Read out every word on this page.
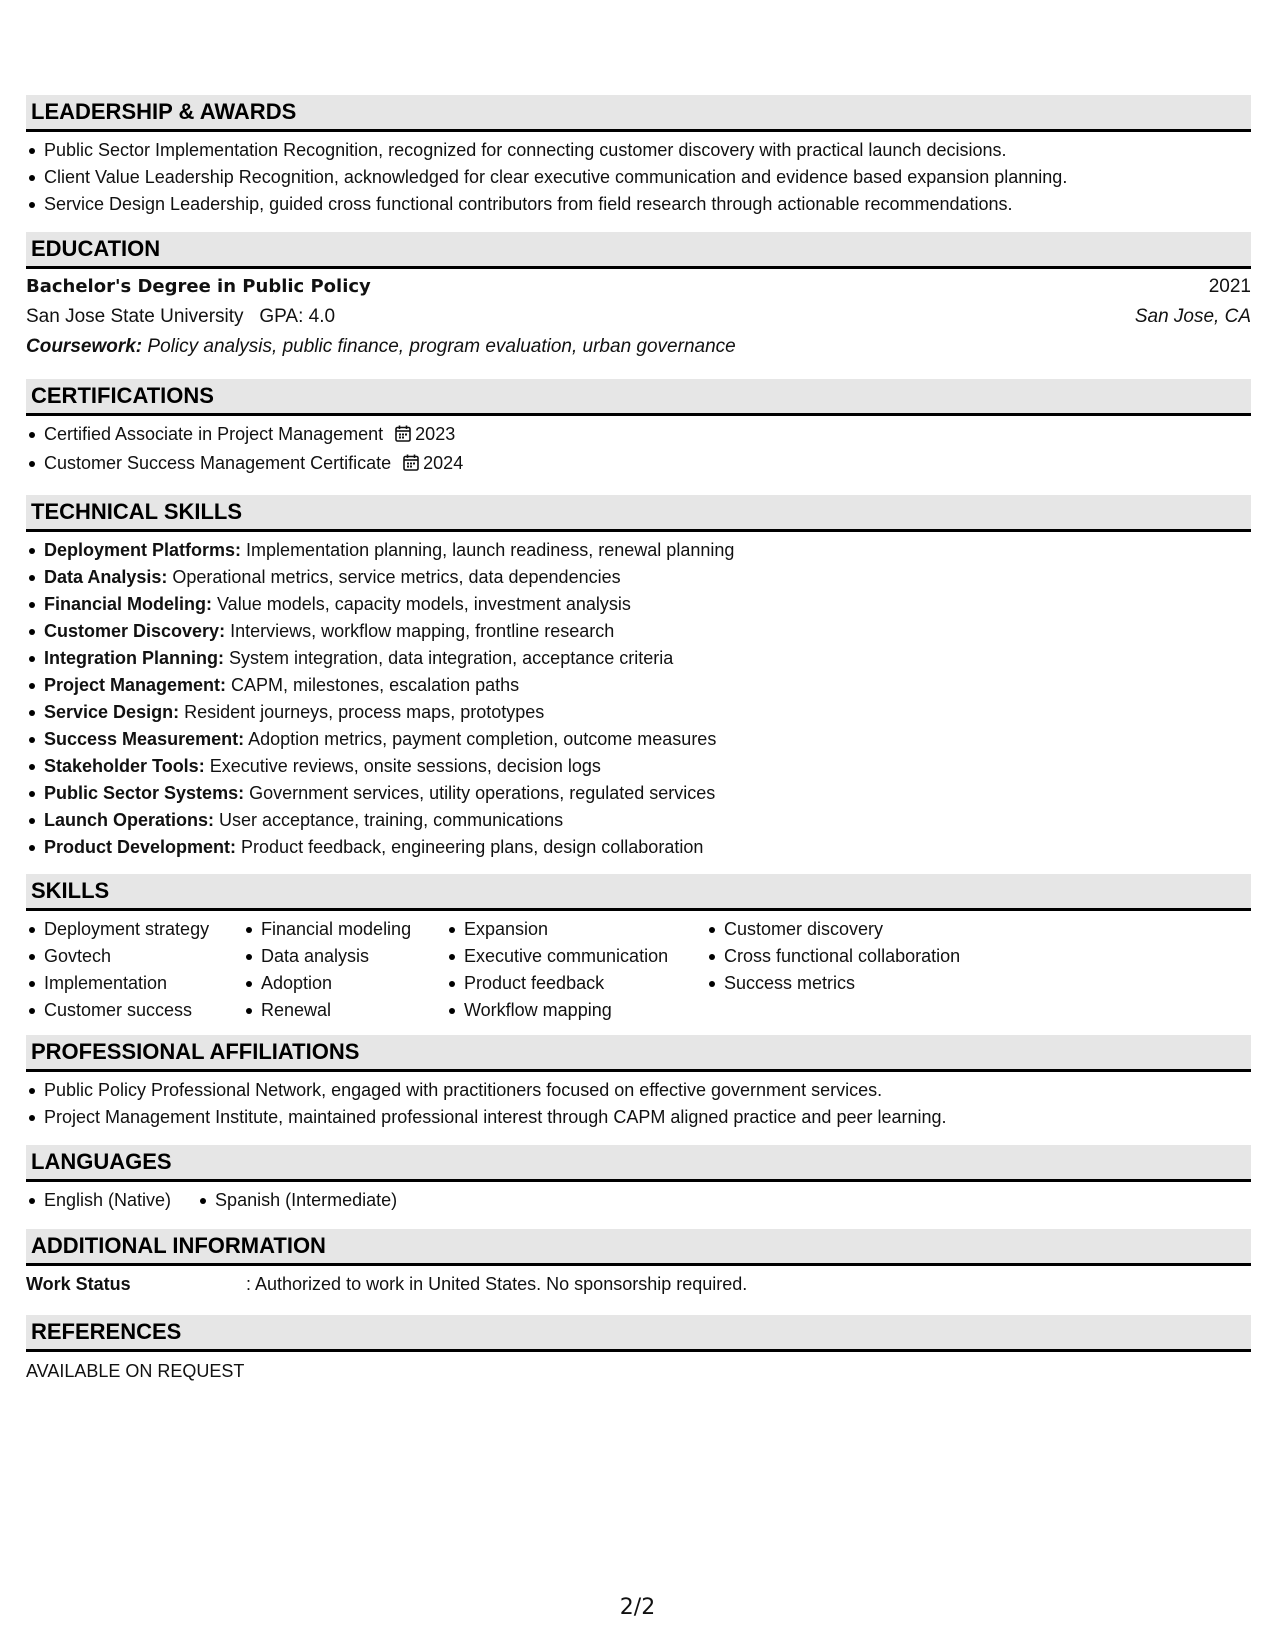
LEADERSHIP & AWARDS
Public Sector Implementation Recognition, recognized for connecting customer discovery with practical launch decisions.
Client Value Leadership Recognition, acknowledged for clear executive communication and evidence based expansion planning.
Service Design Leadership, guided cross functional contributors from field research through actionable recommendations.
EDUCATION
Bachelor's Degree in Public Policy	2021
San Jose State University   GPA: 4.0	San Jose, CA
Coursework: Policy analysis, public finance, program evaluation, urban governance
CERTIFICATIONS
Certified Associate in Project Management 2023
Customer Success Management Certificate 2024
TECHNICAL SKILLS
Deployment Platforms: Implementation planning, launch readiness, renewal planning
Data Analysis: Operational metrics, service metrics, data dependencies
Financial Modeling: Value models, capacity models, investment analysis
Customer Discovery: Interviews, workflow mapping, frontline research
Integration Planning: System integration, data integration, acceptance criteria
Project Management: CAPM, milestones, escalation paths
Service Design: Resident journeys, process maps, prototypes
Success Measurement: Adoption metrics, payment completion, outcome measures
Stakeholder Tools: Executive reviews, onsite sessions, decision logs
Public Sector Systems: Government services, utility operations, regulated services
Launch Operations: User acceptance, training, communications
Product Development: Product feedback, engineering plans, design collaboration
SKILLS
Deployment strategy
Govtech
Implementation
Customer success
Financial modeling
Data analysis
Adoption
Renewal
Expansion
Executive communication
Product feedback
Workflow mapping
Customer discovery
Cross functional collaboration
Success metrics
PROFESSIONAL AFFILIATIONS
Public Policy Professional Network, engaged with practitioners focused on effective government services.
Project Management Institute, maintained professional interest through CAPM aligned practice and peer learning.
LANGUAGES
English (Native) Spanish (Intermediate)
ADDITIONAL INFORMATION
Work Status	: Authorized to work in United States. No sponsorship required.
REFERENCES
AVAILABLE ON REQUEST
2/2
